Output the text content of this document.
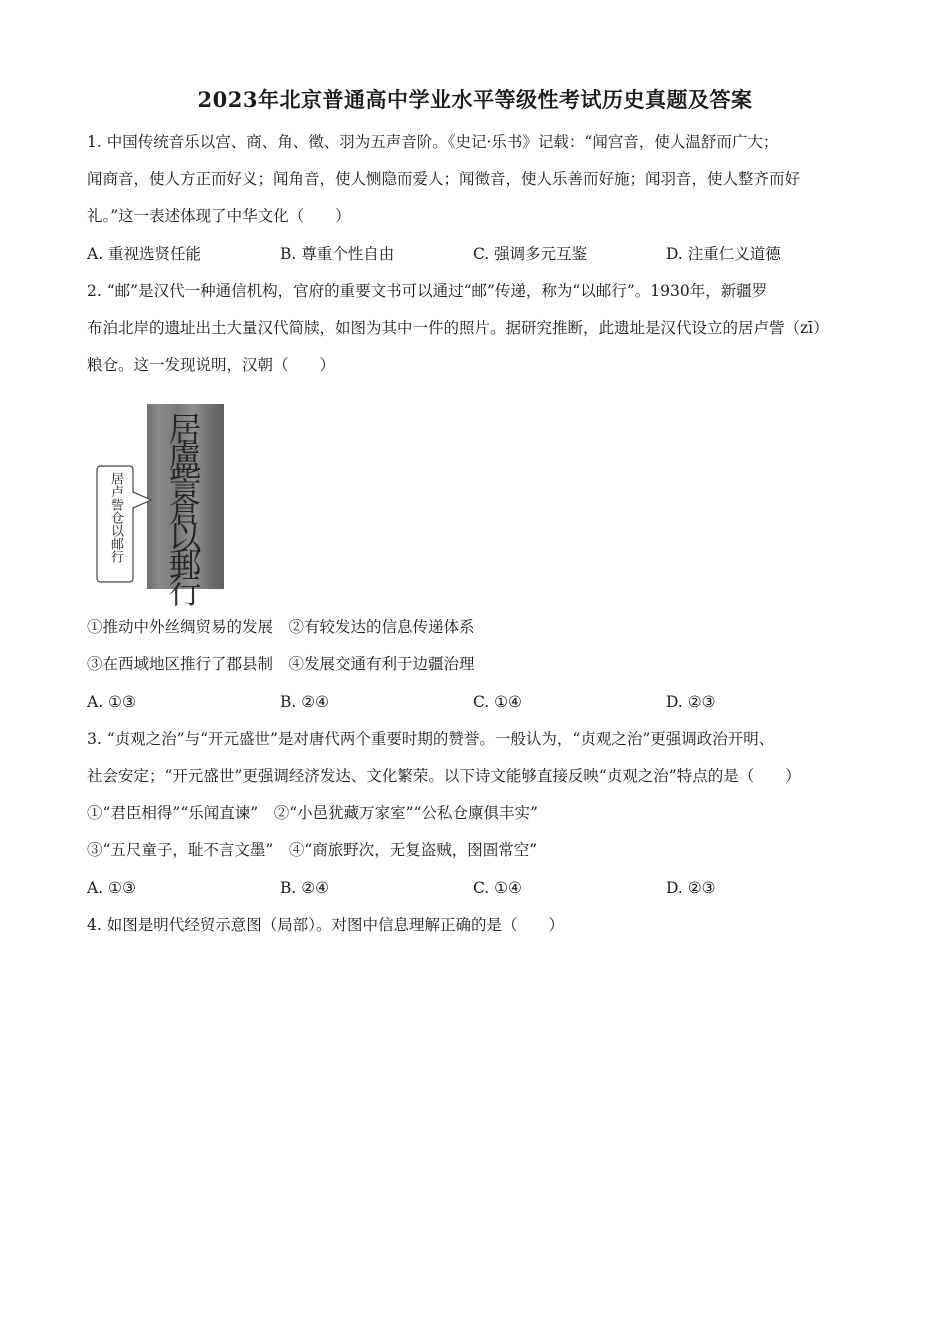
2023年北京普通高中学业水平等级性考试历史真题及答案
1. 中国传统音乐以宫、商、角、徵、羽为五声音阶。《史记·乐书》记载：“闻宫音，使人温舒而广大；
闻商音，使人方正而好义；闻角音，使人恻隐而爱人；闻徵音，使人乐善而好施；闻羽音，使人整齐而好
礼。”这一表述体现了中华文化（　　）
A. 重视选贤任能	B. 尊重个性自由	C. 强调多元互鉴	D. 注重仁义道德
2. “邮”是汉代一种通信机构，官府的重要文书可以通过“邮”传递，称为“以邮行”。1930年，新疆罗
布泊北岸的遗址出土大量汉代简牍，如图为其中一件的照片。据研究推断，此遗址是汉代设立的居卢訾（zī）
粮仓。这一发现说明，汉朝（　　）
居盧訾倉以郵行
居卢訾仓以邮行
①推动中外丝绸贸易的发展　②有较发达的信息传递体系
③在西域地区推行了郡县制　④发展交通有利于边疆治理
A. ①③	B. ②④	C. ①④	D. ②③
3. “贞观之治”与“开元盛世”是对唐代两个重要时期的赞誉。一般认为，“贞观之治”更强调政治开明、
社会安定；“开元盛世”更强调经济发达、文化繁荣。以下诗文能够直接反映“贞观之治”特点的是（　　）
①“君臣相得”“乐闻直谏”　②“小邑犹藏万家室”“公私仓廪俱丰实”
③“五尺童子，耻不言文墨”　④“商旅野次，无复盗贼，囹圄常空”
A. ①③	B. ②④	C. ①④	D. ②③
4. 如图是明代经贸示意图（局部）。对图中信息理解正确的是（　　）
